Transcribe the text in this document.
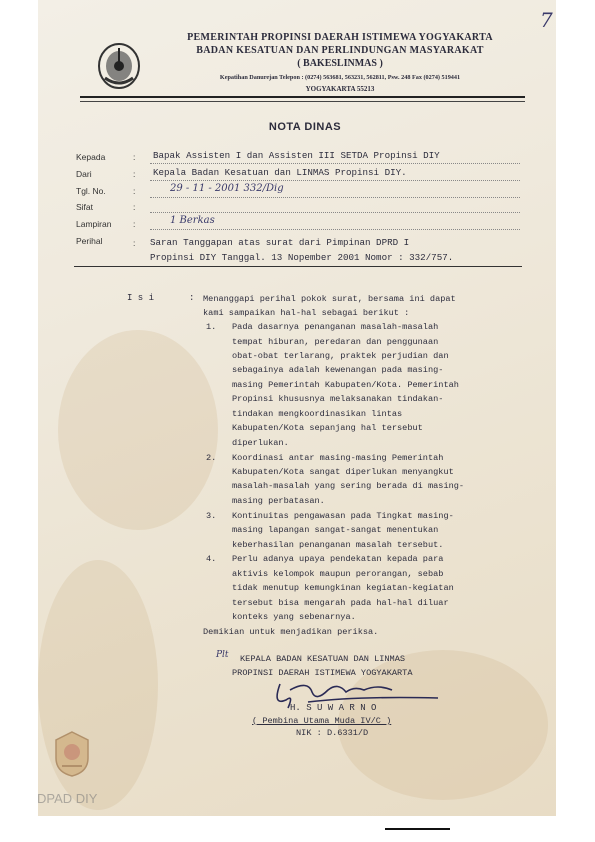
7
PEMERINTAH PROPINSI DAERAH ISTIMEWA YOGYAKARTA
BADAN KESATUAN DAN PERLINDUNGAN MASYARAKAT
( BAKESLINMAS )
Kepatihan Danurejan Telepon : (0274) 563681, 563231, 562811, Psw. 248 Fax (0274) 519441
YOGYAKARTA 55213
NOTA DINAS
Kepada	: Bapak Assisten I dan Assisten III SETDA Propinsi DIY
Dari	: Kepala Badan Kesatuan dan LINMAS Propinsi DIY.
Tgl. No.	:	29 - 11 - 2001 332/Dig
Sifat	:
Lampiran	:	1 Berkas
Perihal	: Saran Tanggapan atas surat dari Pimpinan DPRD I
Propinsi DIY Tanggal. 13 Nopember 2001 Nomor : 332/757.
I s i	: Menanggapi perihal pokok surat, bersama ini dapat
kami sampaikan hal-hal sebagai berikut :
1. Pada dasarnya penanganan masalah-masalah
tempat hiburan, peredaran dan penggunaan
obat-obat terlarang, praktek perjudian dan
sebagainya adalah kewenangan pada masing-
masing Pemerintah Kabupaten/Kota. Pemerintah
Propinsi khususnya melaksanakan tindakan-
tindakan mengkoordinasikan lintas
Kabupaten/Kota sepanjang hal tersebut
diperlukan.
2. Koordinasi antar masing-masing Pemerintah
Kabupaten/Kota sangat diperlukan menyangkut
masalah-masalah yang sering berada di masing-
masing perbatasan.
3. Kontinuitas pengawasan pada Tingkat masing-
masing lapangan sangat-sangat menentukan
keberhasilan penanganan masalah tersebut.
4. Perlu adanya upaya pendekatan kepada para
aktivis kelompok maupun perorangan, sebab
tidak menutup kemungkinan kegiatan-kegiatan
tersebut bisa mengarah pada hal-hal diluar
konteks yang sebenarnya.
Demikian untuk menjadikan periksa.
Plt KEPALA BADAN KESATUAN DAN LINMAS
PROPINSI DAERAH ISTIMEWA YOGYAKARTA
H. S U W A R N O
( Pembina Utama Muda IV/C )
NIK : D.6331/D
DPAD DIY
